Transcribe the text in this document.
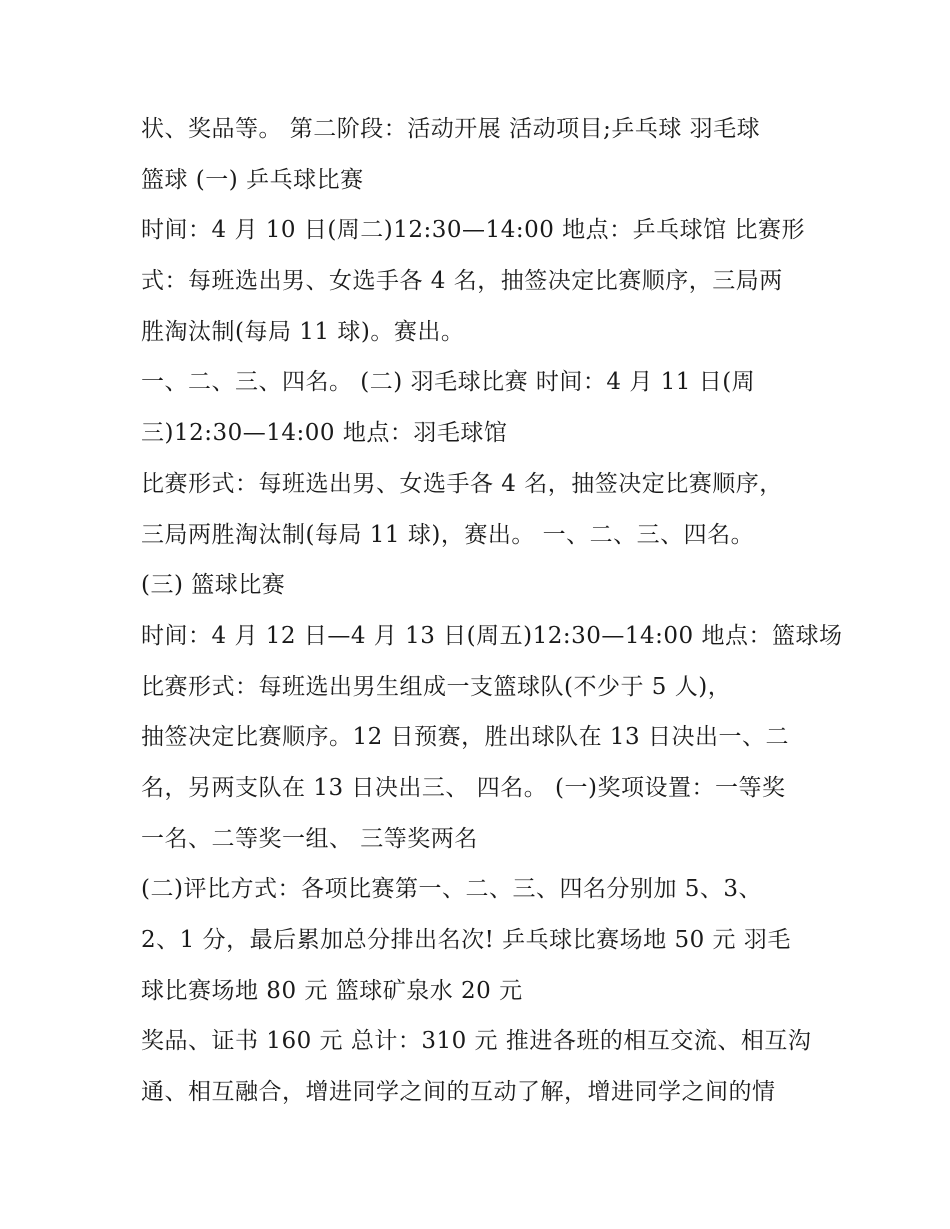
状、奖品等。 第二阶段：活动开展 活动项目;乒乓球 羽毛球
篮球 (一) 乒乓球比赛
时间：4 月 10 日(周二)12:30—14:00 地点：乒乓球馆 比赛形
式：每班选出男、女选手各 4 名，抽签决定比赛顺序，三局两
胜淘汰制(每局 11 球)。赛出。
一、二、三、四名。 (二) 羽毛球比赛 时间：4 月 11 日(周
三)12:30—14:00 地点：羽毛球馆
比赛形式：每班选出男、女选手各 4 名，抽签决定比赛顺序，
三局两胜淘汰制(每局 11 球)，赛出。 一、二、三、四名。
(三) 篮球比赛
时间：4 月 12 日—4 月 13 日(周五)12:30—14:00 地点：篮球场
比赛形式：每班选出男生组成一支篮球队(不少于 5 人)，
抽签决定比赛顺序。12 日预赛，胜出球队在 13 日决出一、二
名，另两支队在 13 日决出三、 四名。 (一)奖项设置：一等奖
一名、二等奖一组、 三等奖两名
(二)评比方式：各项比赛第一、二、三、四名分别加 5、3、
2、1 分，最后累加总分排出名次! 乒乓球比赛场地 50 元 羽毛
球比赛场地 80 元 篮球矿泉水 20 元
奖品、证书 160 元 总计：310 元 推进各班的相互交流、相互沟
通、相互融合，增进同学之间的互动了解，增进同学之间的情
